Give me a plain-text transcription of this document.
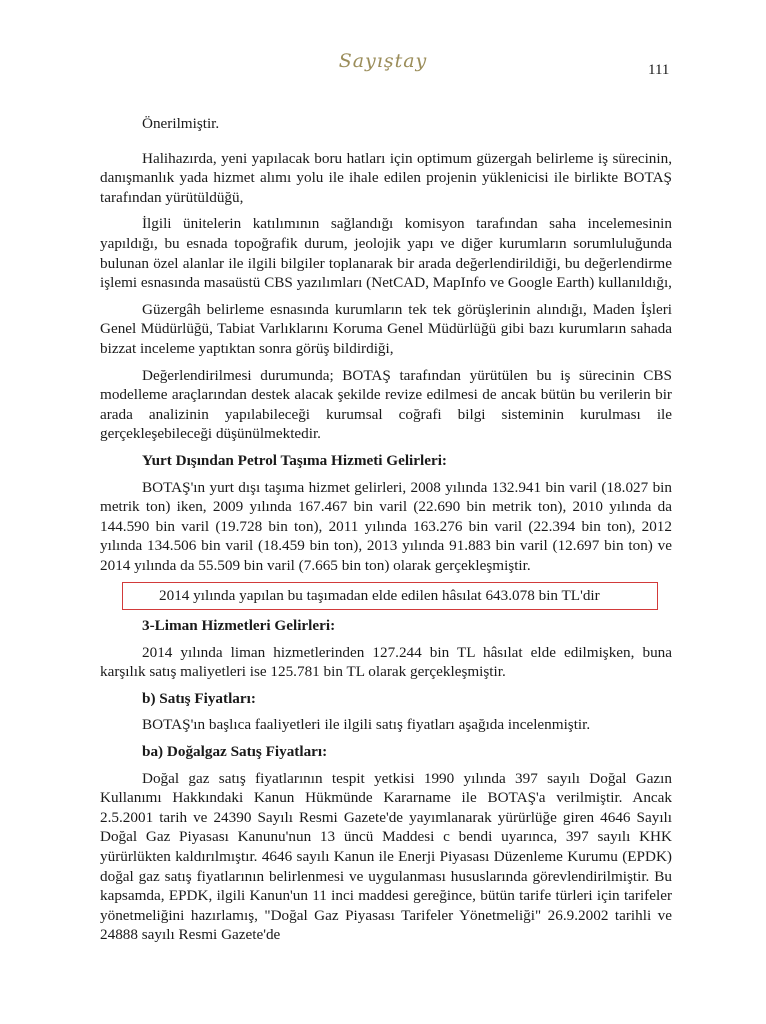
Sayıştay	111

Önerilmiştir.

Halihazırda, yeni yapılacak boru hatları için optimum güzergah belirleme iş sürecinin, danışmanlık yada hizmet alımı yolu ile ihale edilen projenin yüklenicisi ile birlikte BOTAŞ tarafından yürütüldüğü,

İlgili ünitelerin katılımının sağlandığı komisyon tarafından saha incelemesinin yapıldığı, bu esnada topoğrafik durum, jeolojik yapı ve diğer kurumların sorumluluğunda bulunan özel alanlar ile ilgili bilgiler toplanarak bir arada değerlendirildiği, bu değerlendirme işlemi esnasında masaüstü CBS yazılımları (NetCAD, MapInfo ve Google Earth) kullanıldığı,

Güzergâh belirleme esnasında kurumların tek tek görüşlerinin alındığı, Maden İşleri Genel Müdürlüğü, Tabiat Varlıklarını Koruma Genel Müdürlüğü gibi bazı kurumların sahada bizzat inceleme yaptıktan sonra görüş bildirdiği,

Değerlendirilmesi durumunda; BOTAŞ tarafından yürütülen bu iş sürecinin CBS modelleme araçlarından destek alacak şekilde revize edilmesi de ancak bütün bu verilerin bir arada analizinin yapılabileceği kurumsal coğrafi bilgi sisteminin kurulması ile gerçekleşebileceği düşünülmektedir.

Yurt Dışından Petrol Taşıma Hizmeti Gelirleri:

BOTAŞ'ın yurt dışı taşıma hizmet gelirleri, 2008 yılında 132.941 bin varil (18.027 bin metrik ton) iken, 2009 yılında 167.467 bin varil (22.690 bin metrik ton), 2010 yılında da 144.590 bin varil (19.728 bin ton), 2011 yılında 163.276 bin varil (22.394 bin ton), 2012 yılında 134.506 bin varil (18.459 bin ton), 2013 yılında 91.883 bin varil (12.697 bin ton) ve 2014 yılında da 55.509 bin varil (7.665 bin ton) olarak gerçekleşmiştir.

2014 yılında yapılan bu taşımadan elde edilen hâsılat 643.078 bin TL'dir
3-Liman Hizmetleri Gelirleri:

2014 yılında liman hizmetlerinden 127.244 bin TL hâsılat elde edilmişken, buna karşılık satış maliyetleri ise 125.781 bin TL olarak gerçekleşmiştir.

b) Satış Fiyatları:

BOTAŞ'ın başlıca faaliyetleri ile ilgili satış fiyatları aşağıda incelenmiştir.

ba) Doğalgaz Satış Fiyatları:

Doğal gaz satış fiyatlarının tespit yetkisi 1990 yılında 397 sayılı Doğal Gazın Kullanımı Hakkındaki Kanun Hükmünde Kararname ile BOTAŞ'a verilmiştir. Ancak 2.5.2001 tarih ve 24390 Sayılı Resmi Gazete'de yayımlanarak yürürlüğe giren 4646 Sayılı Doğal Gaz Piyasası Kanunu'nun 13 üncü Maddesi c bendi uyarınca, 397 sayılı KHK yürürlükten kaldırılmıştır. 4646 sayılı Kanun ile Enerji Piyasası Düzenleme Kurumu (EPDK) doğal gaz satış fiyatlarının belirlenmesi ve uygulanması hususlarında görevlendirilmiştir. Bu kapsamda, EPDK, ilgili Kanun'un 11 inci maddesi gereğince, bütün tarife türleri için tarifeler yönetmeliğini hazırlamış, "Doğal Gaz Piyasası Tarifeler Yönetmeliği" 26.9.2002 tarihli ve 24888 sayılı Resmi Gazete'de
